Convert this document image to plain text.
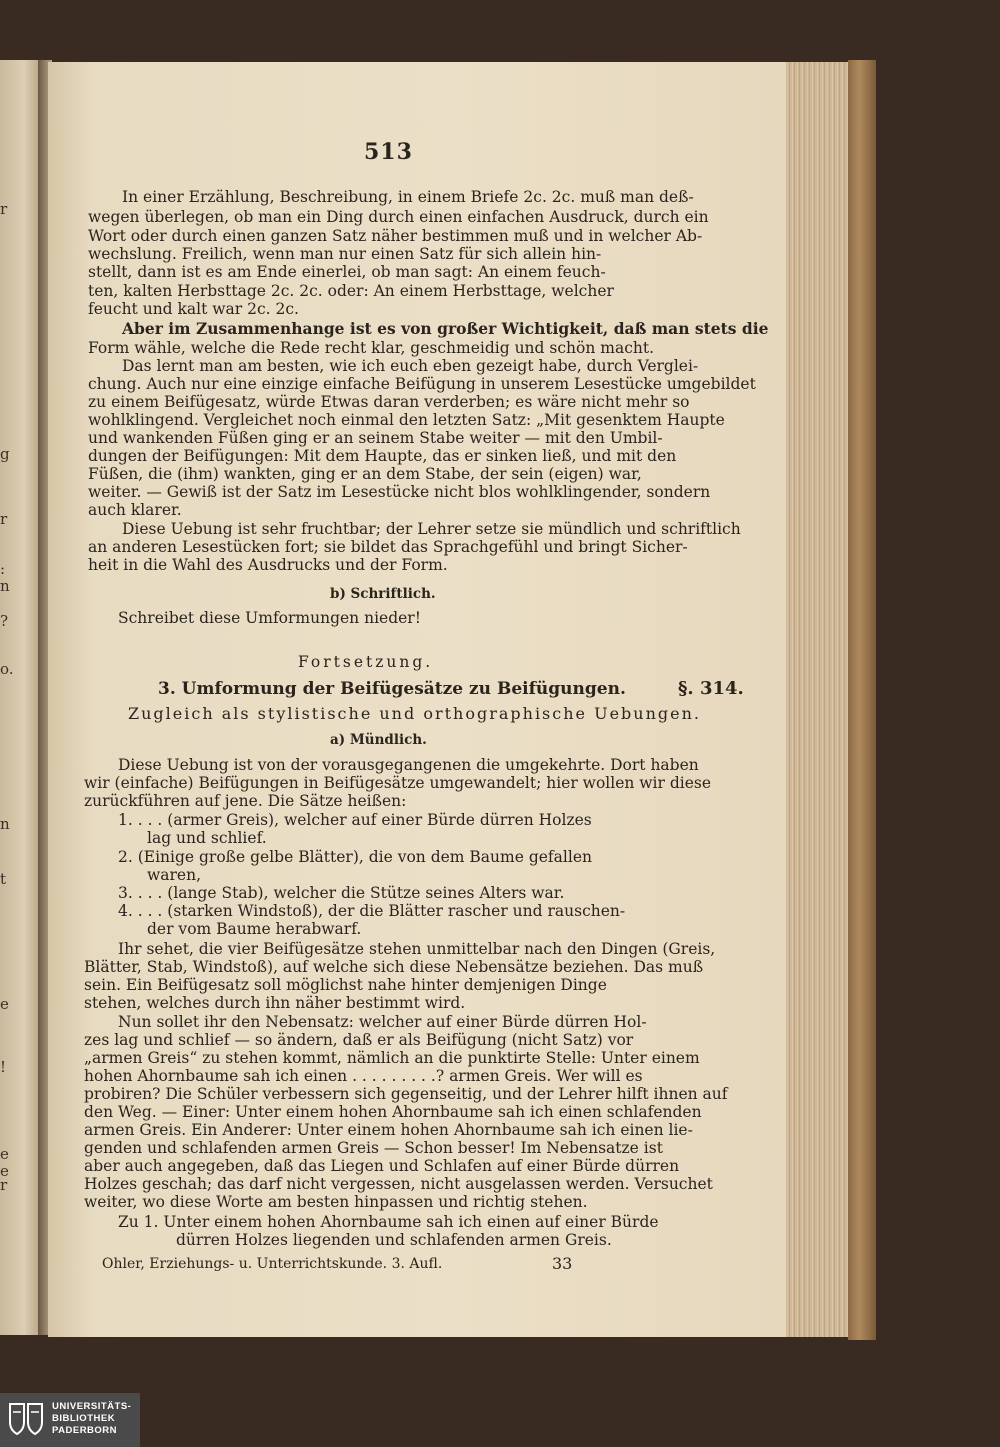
r
g
r
:
n
?
o.
n
t
e
!
e
e
r
513
In einer Erzählung, Beschreibung, in einem Briefe 2c. 2c. muß man deß-
wegen überlegen, ob man ein Ding durch einen einfachen Ausdruck, durch ein
Wort oder durch einen ganzen Satz näher bestimmen muß und in welcher Ab-
wechslung. Freilich, wenn man nur einen Satz für sich allein hin-
stellt, dann ist es am Ende einerlei, ob man sagt: An einem feuch-
ten, kalten Herbsttage 2c. 2c. oder: An einem Herbsttage, welcher
feucht und kalt war 2c. 2c.
Aber im Zusammenhange ist es von großer Wichtigkeit, daß man stets die
Form wähle, welche die Rede recht klar, geschmeidig und schön macht.
Das lernt man am besten, wie ich euch eben gezeigt habe, durch Verglei-
chung. Auch nur eine einzige einfache Beifügung in unserem Lesestücke umgebildet
zu einem Beifügesatz, würde Etwas daran verderben; es wäre nicht mehr so
wohlklingend. Vergleichet noch einmal den letzten Satz: „Mit gesenktem Haupte
und wankenden Füßen ging er an seinem Stabe weiter — mit den Umbil-
dungen der Beifügungen: Mit dem Haupte, das er sinken ließ, und mit den
Füßen, die (ihm) wankten, ging er an dem Stabe, der sein (eigen) war,
weiter. — Gewiß ist der Satz im Lesestücke nicht blos wohlklingender, sondern
auch klarer.
Diese Uebung ist sehr fruchtbar; der Lehrer setze sie mündlich und schriftlich
an anderen Lesestücken fort; sie bildet das Sprachgefühl und bringt Sicher-
heit in die Wahl des Ausdrucks und der Form.
b) Schriftlich.
Schreibet diese Umformungen nieder!
Fortsetzung.
3. Umformung der Beifügesätze zu Beifügungen.	§. 314.
Zugleich als stylistische und orthographische Uebungen.
a) Mündlich.
Diese Uebung ist von der vorausgegangenen die umgekehrte. Dort haben
wir (einfache) Beifügungen in Beifügesätze umgewandelt; hier wollen wir diese
zurückführen auf jene. Die Sätze heißen:
1. . . . (armer Greis), welcher auf einer Bürde dürren Holzes
lag und schlief.
2. (Einige große gelbe Blätter), die von dem Baume gefallen
waren,
3. . . . (lange Stab), welcher die Stütze seines Alters war.
4. . . . (starken Windstoß), der die Blätter rascher und rauschen-
der vom Baume herabwarf.
Ihr sehet, die vier Beifügesätze stehen unmittelbar nach den Dingen (Greis,
Blätter, Stab, Windstoß), auf welche sich diese Nebensätze beziehen. Das muß
sein. Ein Beifügesatz soll möglichst nahe hinter demjenigen Dinge
stehen, welches durch ihn näher bestimmt wird.
Nun sollet ihr den Nebensatz: welcher auf einer Bürde dürren Hol-
zes lag und schlief — so ändern, daß er als Beifügung (nicht Satz) vor
„armen Greis“ zu stehen kommt, nämlich an die punktirte Stelle: Unter einem
hohen Ahornbaume sah ich einen . . . . . . . . .? armen Greis. Wer will es
probiren? Die Schüler verbessern sich gegenseitig, und der Lehrer hilft ihnen auf
den Weg. — Einer: Unter einem hohen Ahornbaume sah ich einen schlafenden
armen Greis. Ein Anderer: Unter einem hohen Ahornbaume sah ich einen lie-
genden und schlafenden armen Greis — Schon besser! Im Nebensatze ist
aber auch angegeben, daß das Liegen und Schlafen auf einer Bürde dürren
Holzes geschah; das darf nicht vergessen, nicht ausgelassen werden. Versuchet
weiter, wo diese Worte am besten hinpassen und richtig stehen.
Zu 1. Unter einem hohen Ahornbaume sah ich einen auf einer Bürde
dürren Holzes liegenden und schlafenden armen Greis.
Ohler, Erziehungs- u. Unterrichtskunde. 3. Aufl.	33
UNIVERSITÄTS-
BIBLIOTHEK
PADERBORN
